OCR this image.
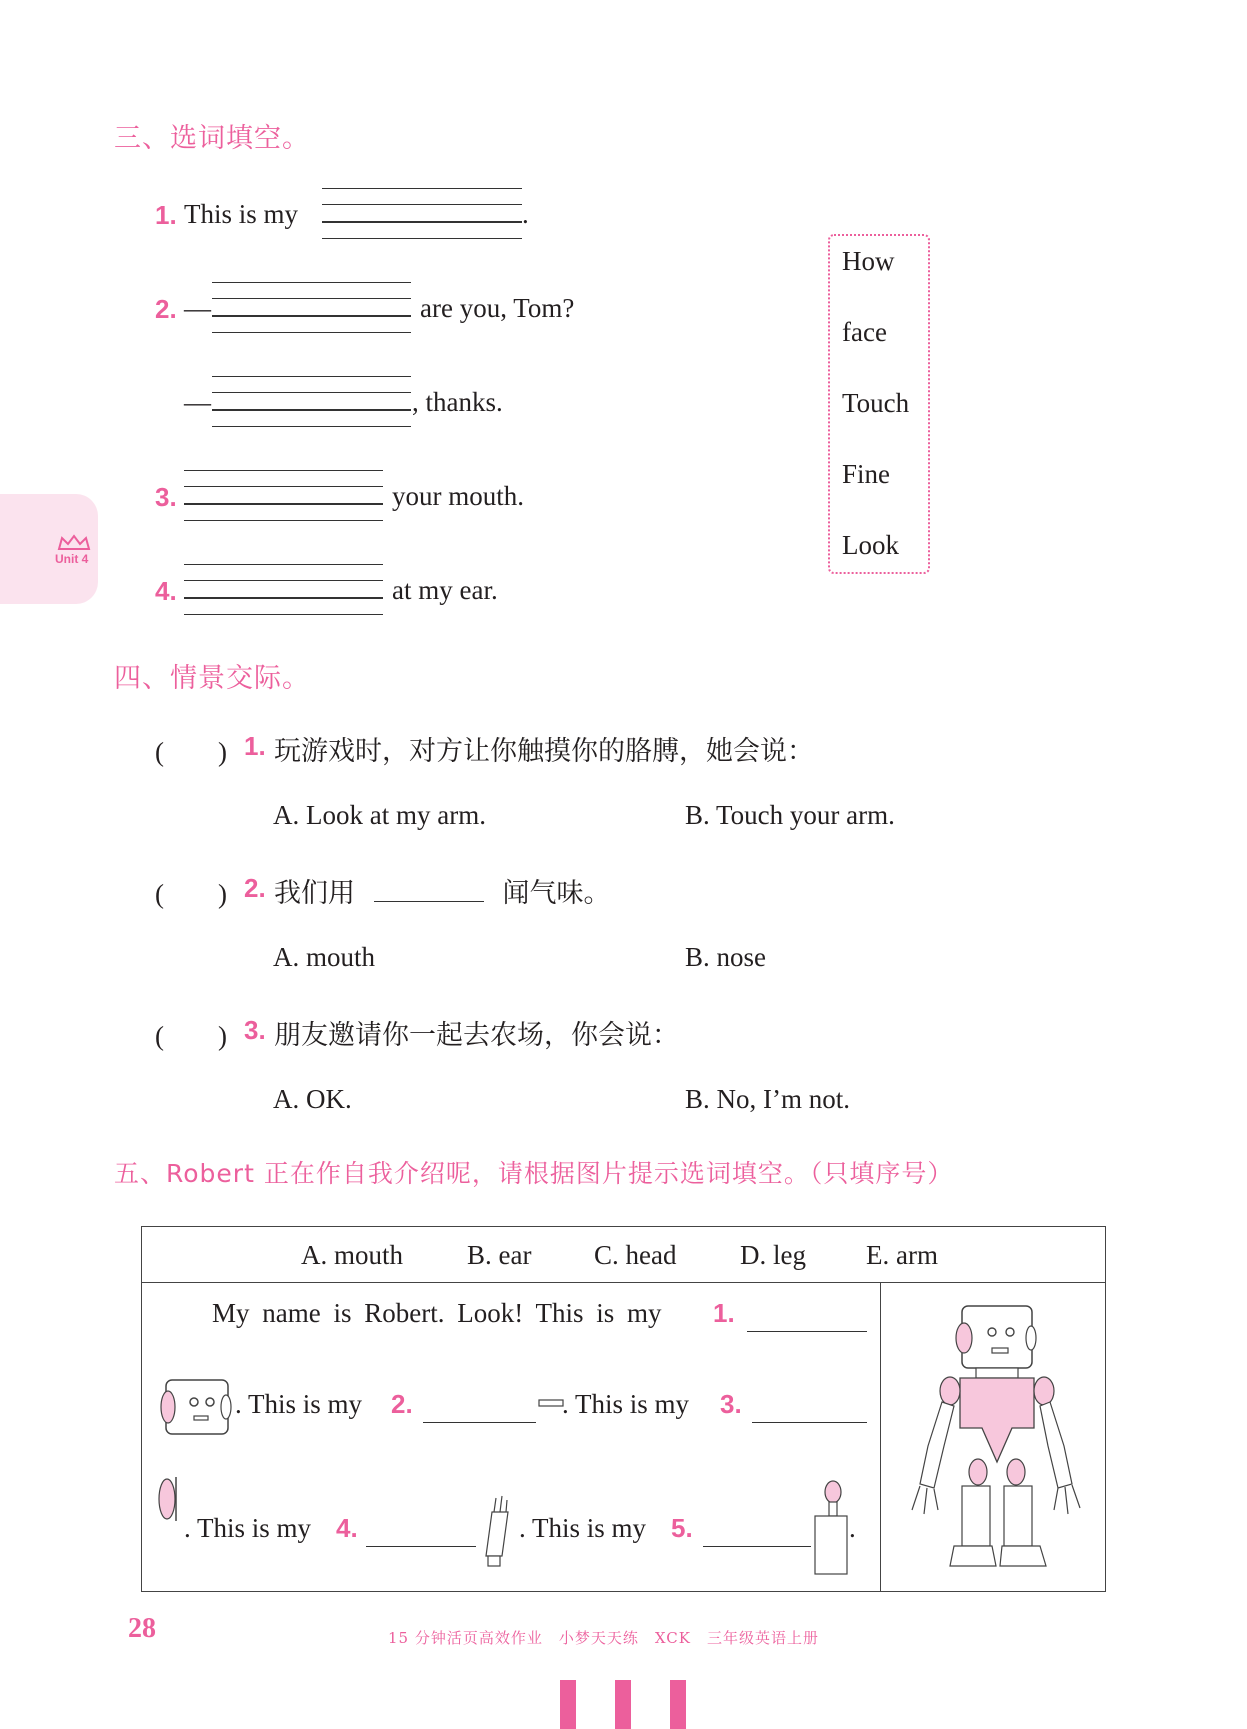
Unit 4
三、选词填空。
1. This is my	.
2. —	are you, Tom?
—	, thanks.
3.	your mouth.
4.	at my ear.
How
face
Touch
Fine
Look
四、情景交际。
(　　) 1. 玩游戏时，对方让你触摸你的胳膊，她会说：
A. Look at my arm.	B. Touch your arm.
(　　) 2. 我们用	闻气味。
A. mouth	B. nose
(　　) 3. 朋友邀请你一起去农场，你会说：
A. OK.	B. No, I’m not.
五、Robert 正在作自我介绍呢，请根据图片提示选词填空。（只填序号）

A. mouth B. ear C. head D. leg E. arm
My name is Robert. Look! This is my 1.
. This is my 2.	. This is my 3.
. This is my 4.	. This is my 5.	.
28	15 分钟活页高效作业　小梦天天练　XCK　三年级英语上册
